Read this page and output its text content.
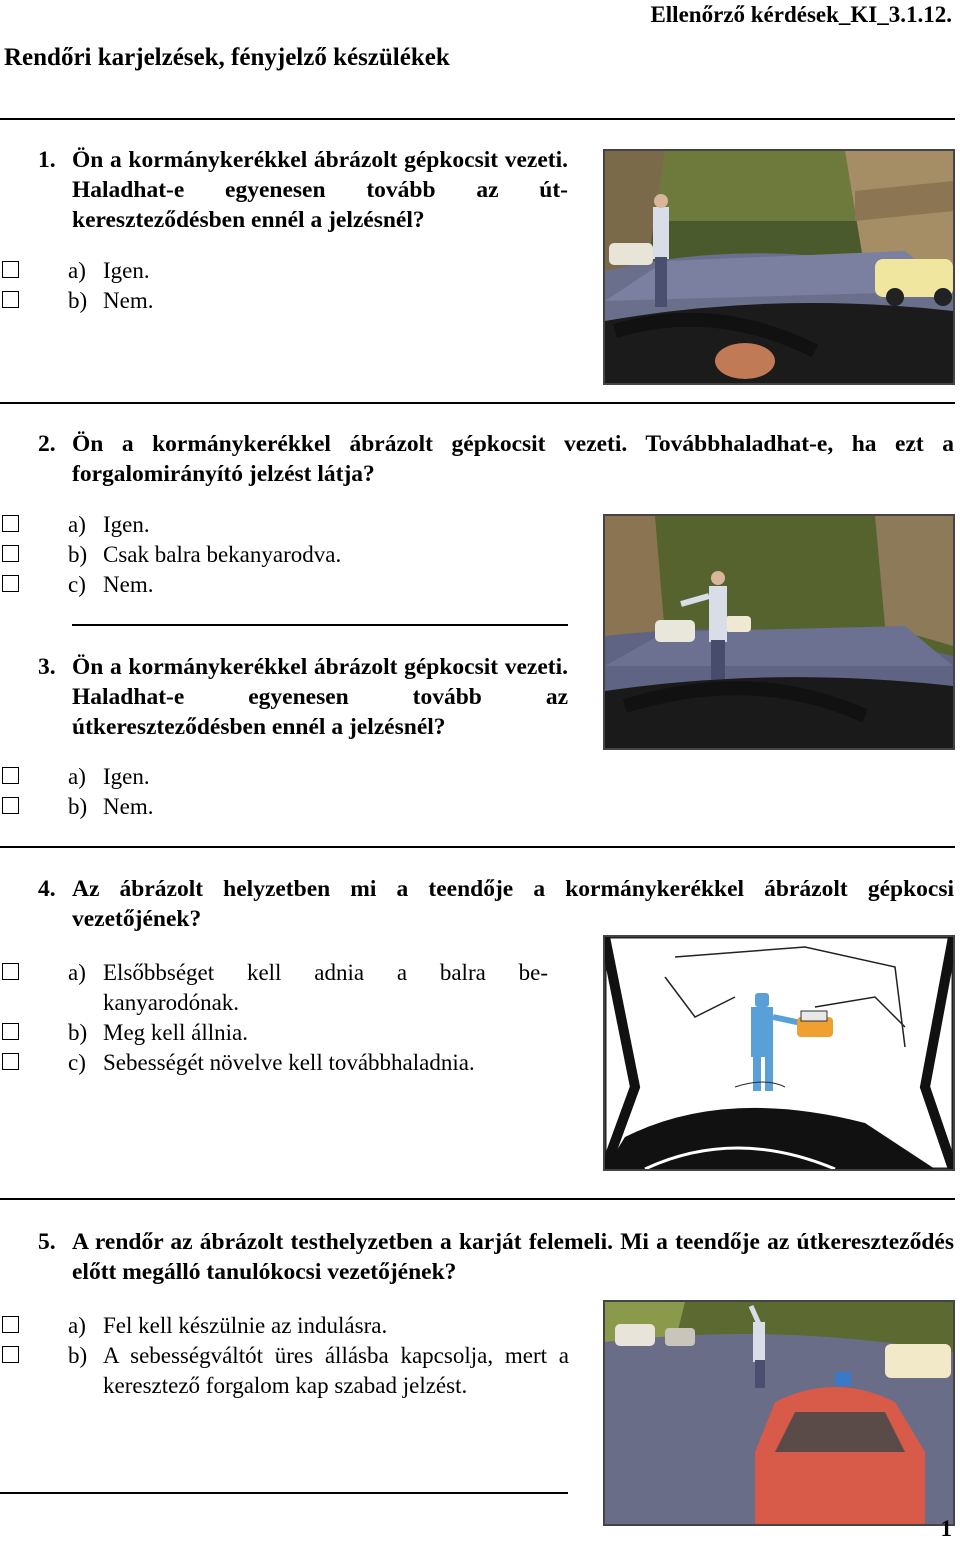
Ellenőrző kérdések_KI_3.1.12.
Rendőri karjelzések, fényjelző készülékek
1. Ön a kormánykerékkel ábrázolt gépkocsit vezeti. Haladhat-e egyenesen tovább az út-kereszteződésben ennél a jelzésnél?
a) Igen.
b) Nem.
2. Ön a kormánykerékkel ábrázolt gépkocsit vezeti. Továbbhaladhat-e, ha ezt a forgalomirányító jelzést látja?
a) Igen.
b) Csak balra bekanyarodva.
c) Nem.
3. Ön a kormánykerékkel ábrázolt gépkocsit vezeti. Haladhat-e egyenesen tovább az útkereszteződésben ennél a jelzésnél?
a) Igen.
b) Nem.
4. Az ábrázolt helyzetben mi a teendője a kormánykerékkel ábrázolt gépkocsi vezetőjének?
a) Elsőbbséget kell adnia a balra be-kanyarodónak.
b) Meg kell állnia.
c) Sebességét növelve kell továbbhaladnia.
5. A rendőr az ábrázolt testhelyzetben a karját felemeli. Mi a teendője az útkereszteződés előtt megálló tanulókocsi vezetőjének?
a) Fel kell készülnie az indulásra.
b) A sebességváltót üres állásba kapcsolja, mert a keresztező forgalom kap szabad jelzést.
1
